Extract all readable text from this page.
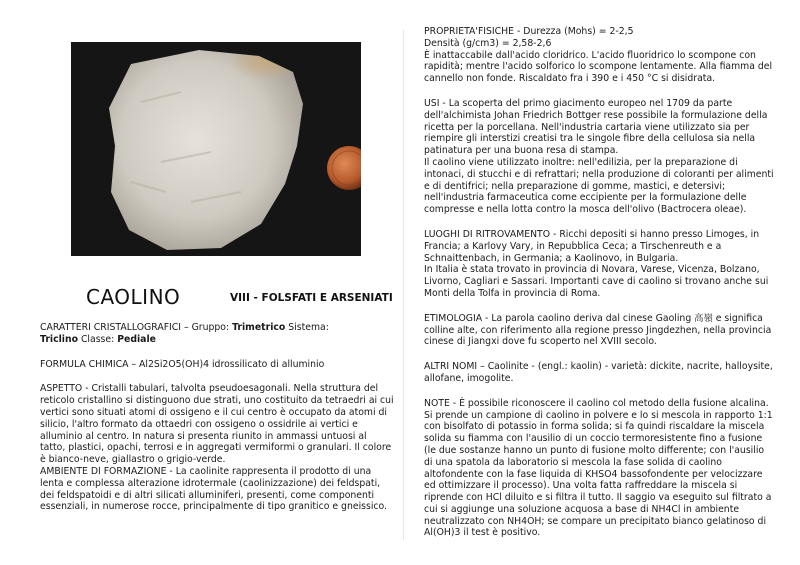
CAOLINO	VIII - FOLSFATI E ARSENIATI

CARATTERI CRISTALLOGRAFICI – Gruppo: Trimetrico Sistema:
Triclino Classe: Pediale

FORMULA CHIMICA – Al2Si2O5(OH)4 idrossilicato di alluminio

ASPETTO - Cristalli tabulari, talvolta pseudoesagonali. Nella struttura del reticolo cristallino si distinguono due strati, uno costituito da tetraedri ai cui vertici sono situati atomi di ossigeno e il cui centro è occupato da atomi di silicio, l'altro formato da ottaedri con ossigeno o ossidrile ai vertici e alluminio al centro. In natura si presenta riunito in ammassi untuosi al tatto, plastici, opachi, terrosi e in aggregati vermiformi o granulari. Il colore è bianco-neve, giallastro o grigio-verde.

AMBIENTE DI FORMAZIONE - La caolinite rappresenta il prodotto di una lenta e complessa alterazione idrotermale (caolinizzazione) dei feldspati, dei feldspatoidi e di altri silicati alluminiferi, presenti, come componenti essenziali, in numerose rocce, principalmente di tipo granitico e gneissico.

PROPRIETA'FISICHE - Durezza (Mohs) = 2-2,5

Densità (g/cm3) = 2,58-2,6

È inattaccabile dall'acido cloridrico. L'acido fluoridrico lo scompone con rapidità; mentre l'acido solforico lo scompone lentamente. Alla fiamma del cannello non fonde. Riscaldato fra i 390 e i 450 °C si disidrata.

USI - La scoperta del primo giacimento europeo nel 1709 da parte dell'alchimista Johan Friedrich Bottger rese possibile la formulazione della ricetta per la porcellana. Nell'industria cartaria viene utilizzato sia per riempire gli interstizi creatisi tra le singole fibre della cellulosa sia nella patinatura per una buona resa di stampa.

Il caolino viene utilizzato inoltre: nell'edilizia, per la preparazione di intonaci, di stucchi e di refrattari; nella produzione di coloranti per alimenti e di dentifrici; nella preparazione di gomme, mastici, e detersivi; nell'industria farmaceutica come eccipiente per la formulazione delle compresse e nella lotta contro la mosca dell'olivo (Bactrocera oleae).

LUOGHI DI RITROVAMENTO - Ricchi depositi si hanno presso Limoges, in Francia; a Karlovy Vary, in Repubblica Ceca; a Tirschenreuth e a Schnaittenbach, in Germania; a Kaolinovo, in Bulgaria.

In Italia è stata trovato in provincia di Novara, Varese, Vicenza, Bolzano, Livorno, Cagliari e Sassari. Importanti cave di caolino si trovano anche sui Monti della Tolfa in provincia di Roma.

ETIMOLOGIA - La parola caolino deriva dal cinese Gaoling 高嶺 e significa colline alte, con riferimento alla regione presso Jingdezhen, nella provincia cinese di Jiangxi dove fu scoperto nel XVIII secolo.

ALTRI NOMI – Caolinite - (engl.: kaolin) - varietà: dickite, nacrite, halloysite, allofane, imogolite.

NOTE - È possibile riconoscere il caolino col metodo della fusione alcalina. Si prende un campione di caolino in polvere e lo si mescola in rapporto 1:1 con bisolfato di potassio in forma solida; si fa quindi riscaldare la miscela solida su fiamma con l'ausilio di un coccio termoresistente fino a fusione (le due sostanze hanno un punto di fusione molto differente; con l'ausilio di una spatola da laboratorio si mescola la fase solida di caolino altofondente con la fase liquida di KHSO4 bassofondente per velocizzare ed ottimizzare il processo). Una volta fatta raffreddare la miscela si riprende con HCl diluito e si filtra il tutto. Il saggio va eseguito sul filtrato a cui si aggiunge una soluzione acquosa a base di NH4Cl in ambiente neutralizzato con NH4OH; se compare un precipitato bianco gelatinoso di Al(OH)3 il test è positivo.
